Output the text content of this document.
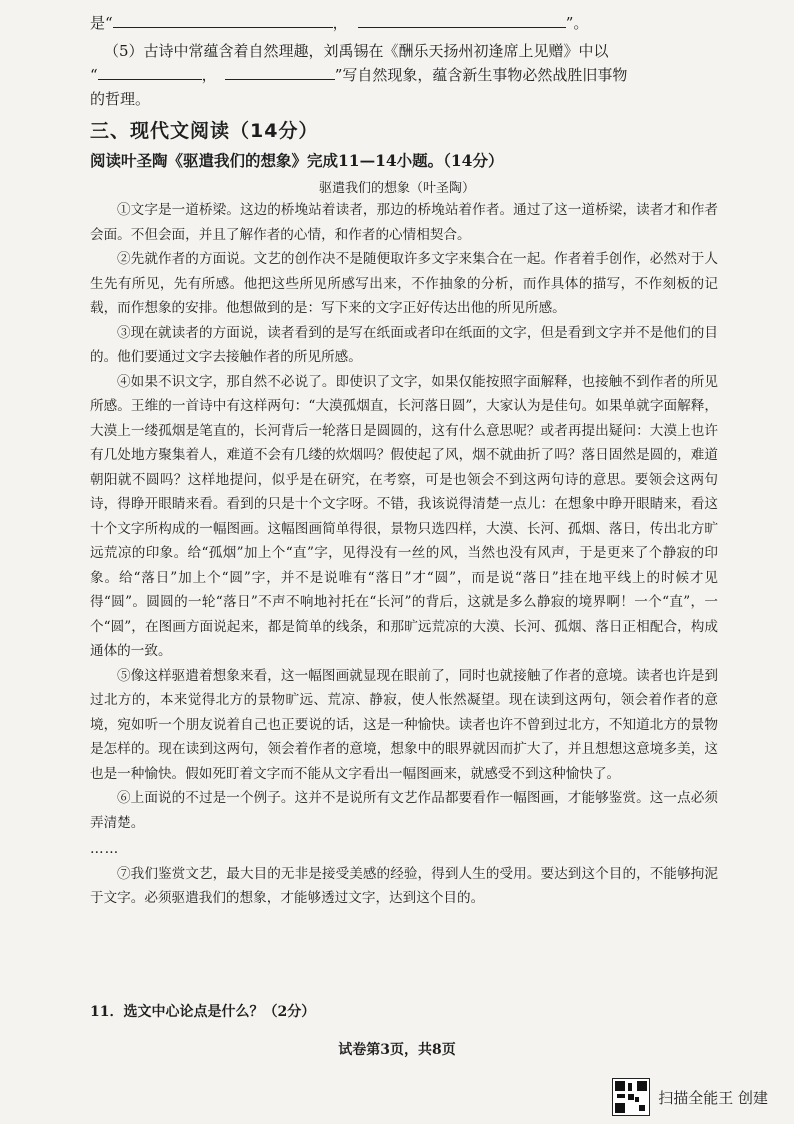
是“	，	”。
（5）古诗中常蕴含着自然理趣，刘禹锡在《酬乐天扬州初逢席上见赠》中以
“	，	”写自然现象，蕴含新生事物必然战胜旧事物
的哲理。
三、现代文阅读（14分）
阅读叶圣陶《驱遣我们的想象》完成11—14小题。（14分）
驱遣我们的想象（叶圣陶）

①文字是一道桥梁。这边的桥堍站着读者，那边的桥堍站着作者。通过了这一道桥梁，读者才和作者会面。不但会面，并且了解作者的心情，和作者的心情相契合。

②先就作者的方面说。文艺的创作决不是随便取许多文字来集合在一起。作者着手创作，必然对于人生先有所见，先有所感。他把这些所见所感写出来，不作抽象的分析，而作具体的描写，不作刻板的记载，而作想象的安排。他想做到的是：写下来的文字正好传达出他的所见所感。

③现在就读者的方面说，读者看到的是写在纸面或者印在纸面的文字，但是看到文字并不是他们的目的。他们要通过文字去接触作者的所见所感。

④如果不识文字，那自然不必说了。即使识了文字，如果仅能按照字面解释，也接触不到作者的所见所感。王维的一首诗中有这样两句：“大漠孤烟直，长河落日圆”，大家认为是佳句。如果单就字面解释，大漠上一缕孤烟是笔直的，长河背后一轮落日是圆圆的，这有什么意思呢？或者再提出疑问：大漠上也许有几处地方聚集着人，难道不会有几缕的炊烟吗？假使起了风，烟不就曲折了吗？落日固然是圆的，难道朝阳就不圆吗？这样地提问，似乎是在研究，在考察，可是也领会不到这两句诗的意思。要领会这两句诗，得睁开眼睛来看。看到的只是十个文字呀。不错，我该说得清楚一点儿：在想象中睁开眼睛来，看这十个文字所构成的一幅图画。这幅图画简单得很，景物只选四样，大漠、长河、孤烟、落日，传出北方旷远荒凉的印象。给“孤烟”加上个“直”字，见得没有一丝的风，当然也没有风声，于是更来了个静寂的印象。给“落日”加上个“圆”字，并不是说唯有“落日”才“圆”，而是说“落日”挂在地平线上的时候才见得“圆”。圆圆的一轮“落日”不声不响地衬托在“长河”的背后，这就是多么静寂的境界啊！一个“直”，一个“圆”，在图画方面说起来，都是简单的线条，和那旷远荒凉的大漠、长河、孤烟、落日正相配合，构成通体的一致。

⑤像这样驱遣着想象来看，这一幅图画就显现在眼前了，同时也就接触了作者的意境。读者也许是到过北方的，本来觉得北方的景物旷远、荒凉、静寂，使人怅然凝望。现在读到这两句，领会着作者的意境，宛如听一个朋友说着自己也正要说的话，这是一种愉快。读者也许不曾到过北方，不知道北方的景物是怎样的。现在读到这两句，领会着作者的意境，想象中的眼界就因而扩大了，并且想想这意境多美，这也是一种愉快。假如死盯着文字而不能从文字看出一幅图画来，就感受不到这种愉快了。

⑥上面说的不过是一个例子。这并不是说所有文艺作品都要看作一幅图画，才能够鉴赏。这一点必须弄清楚。

……

⑦我们鉴赏文艺，最大目的无非是接受美感的经验，得到人生的受用。要达到这个目的，不能够拘泥于文字。必须驱遣我们的想象，才能够透过文字，达到这个目的。

11．选文中心论点是什么？（2分）
试卷第3页，共8页
扫描全能王 创建
